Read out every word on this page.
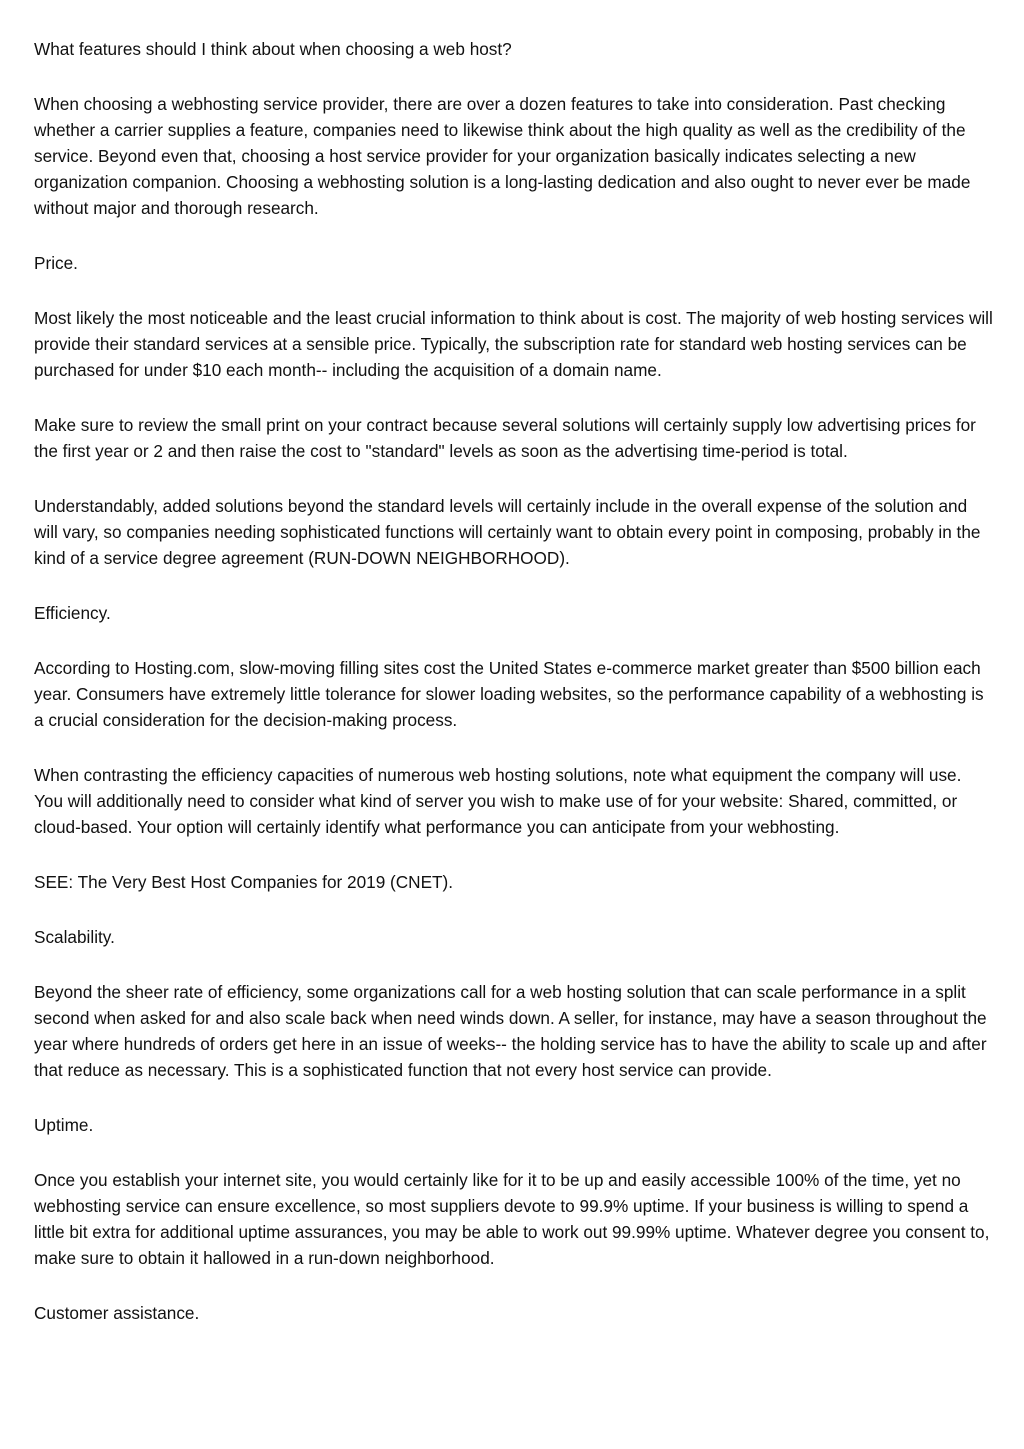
What features should I think about when choosing a web host?

When choosing a webhosting service provider, there are over a dozen features to take into consideration. Past checking whether a carrier supplies a feature, companies need to likewise think about the high quality as well as the credibility of the service. Beyond even that, choosing a host service provider for your organization basically indicates selecting a new organization companion. Choosing a webhosting solution is a long-lasting dedication and also ought to never ever be made without major and thorough research.

Price.

Most likely the most noticeable and the least crucial information to think about is cost. The majority of web hosting services will provide their standard services at a sensible price. Typically, the subscription rate for standard web hosting services can be purchased for under $10 each month-- including the acquisition of a domain name.

Make sure to review the small print on your contract because several solutions will certainly supply low advertising prices for the first year or 2 and then raise the cost to "standard" levels as soon as the advertising time-period is total.

Understandably, added solutions beyond the standard levels will certainly include in the overall expense of the solution and will vary, so companies needing sophisticated functions will certainly want to obtain every point in composing, probably in the kind of a service degree agreement (RUN-DOWN NEIGHBORHOOD).

Efficiency.

According to Hosting.com, slow-moving filling sites cost the United States e-commerce market greater than $500 billion each year. Consumers have extremely little tolerance for slower loading websites, so the performance capability of a webhosting is a crucial consideration for the decision-making process.

When contrasting the efficiency capacities of numerous web hosting solutions, note what equipment the company will use. You will additionally need to consider what kind of server you wish to make use of for your website: Shared, committed, or cloud-based. Your option will certainly identify what performance you can anticipate from your webhosting.

SEE: The Very Best Host Companies for 2019 (CNET).

Scalability.

Beyond the sheer rate of efficiency, some organizations call for a web hosting solution that can scale performance in a split second when asked for and also scale back when need winds down. A seller, for instance, may have a season throughout the year where hundreds of orders get here in an issue of weeks-- the holding service has to have the ability to scale up and after that reduce as necessary. This is a sophisticated function that not every host service can provide.

Uptime.

Once you establish your internet site, you would certainly like for it to be up and easily accessible 100% of the time, yet no webhosting service can ensure excellence, so most suppliers devote to 99.9% uptime. If your business is willing to spend a little bit extra for additional uptime assurances, you may be able to work out 99.99% uptime. Whatever degree you consent to, make sure to obtain it hallowed in a run-down neighborhood.

Customer assistance.
